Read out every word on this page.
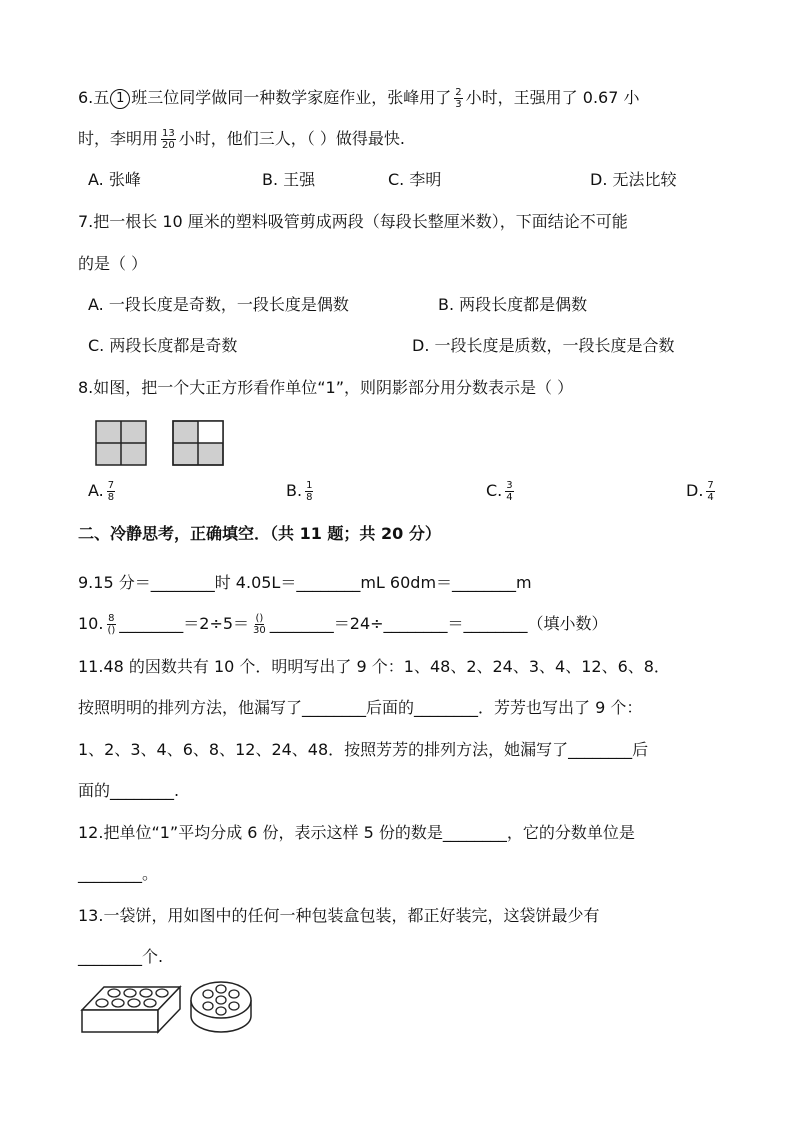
6.五 1 班三位同学做同一种数学家庭作业，张峰用了 $\frac{2}{3}$ 小时，王强用了 0.67 小
时，李明用 $\frac{13}{20}$ 小时，他们三人，（ ）做得最快.
A. 张峰	B. 王强	C. 李明	D. 无法比较
7.把一根长 10 厘米的塑料吸管剪成两段（每段长整厘米数），下面结论不可能
的是（ ）
A. 一段长度是奇数，一段长度是偶数	B. 两段长度都是偶数
C. 两段长度都是奇数	D. 一段长度是质数，一段长度是合数
8.如图，把一个大正方形看作单位“1”，则阴影部分用分数表示是（ ）
A. $\frac{7}{8}$	B. $\frac{1}{8}$	C. $\frac{3}{4}$	D. $\frac{7}{4}$
二、冷静思考，正确填空．（共 11 题；共 20 分）
9.15 分＝________时 4.05L＝________mL 60dm＝________m
10. $\frac{8}{()}$ ________＝2÷5＝ $\frac{()}{30}$ ________＝24÷________＝________（填小数）
11.48 的因数共有 10 个．明明写出了 9 个：1、48、2、24、3、4、12、6、8．
按照明明的排列方法，他漏写了________后面的________．芳芳也写出了 9 个：
1、2、3、4、6、8、12、24、48．按照芳芳的排列方法，她漏写了________后
面的________.
12.把单位“1”平均分成 6 份，表示这样 5 份的数是________，它的分数单位是
________。
13.一袋饼，用如图中的任何一种包装盒包装，都正好装完，这袋饼最少有
________个.
